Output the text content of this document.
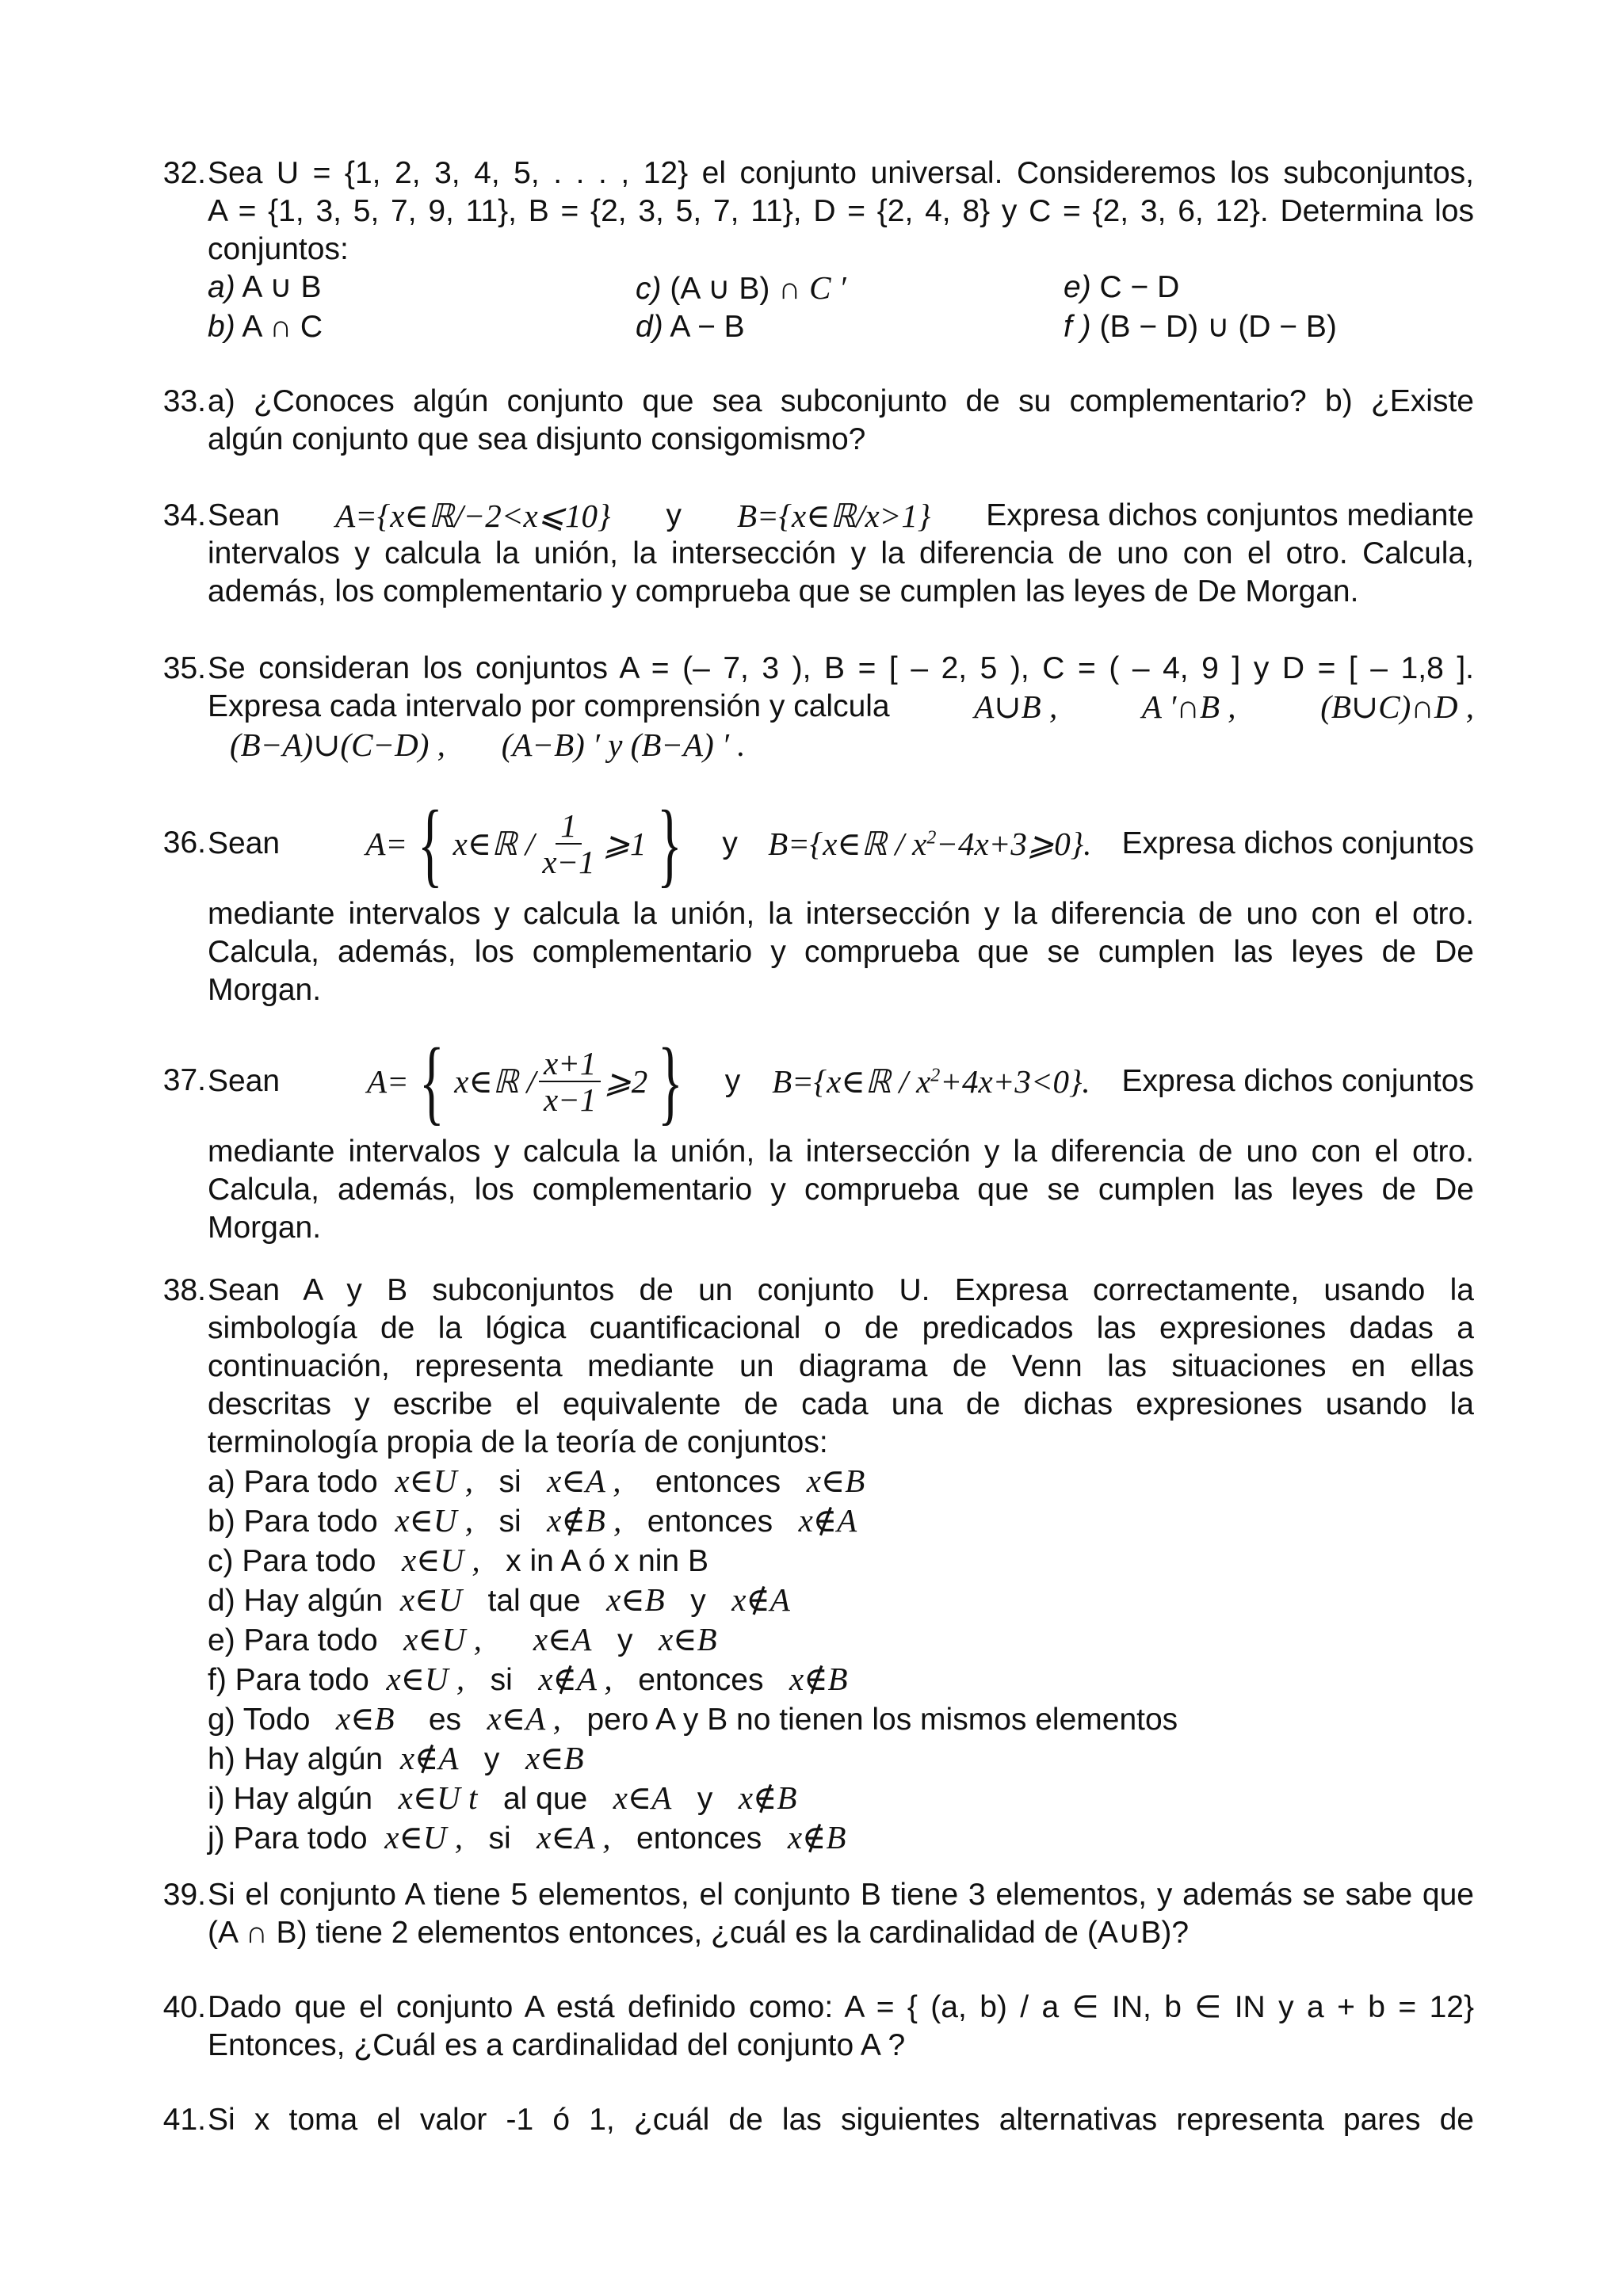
32. Sea U = {1, 2, 3, 4, 5, . . . , 12} el conjunto universal. Consideremos los subconjuntos,
A = {1, 3, 5, 7, 9, 11}, B = {2, 3, 5, 7, 11}, D = {2, 4, 8} y C = {2, 3, 6, 12}. Determina los
conjuntos:
a) A ∪ B	c) (A ∪ B) ∩ C ′	e) C − D
b) A ∩ C	d) A − B	f ) (B − D) ∪ (D − B)
33. a) ¿Conoces algún conjunto que sea subconjunto de su complementario? b) ¿Existe
algún conjunto que sea disjunto consigomismo?
34. Sean A={x∈ℝ/−2<x⩽10} y B={x∈ℝ/x>1} Expresa dichos conjuntos mediante
intervalos y calcula la unión, la intersección y la diferencia de uno con el otro. Calcula,
además, los complementario y comprueba que se cumplen las leyes de De Morgan.
35. Se consideran los conjuntos A = (– 7, 3 ), B = [ – 2, 5 ), C = ( – 4, 9 ] y D = [ – 1,8 ].
Expresa cada intervalo por comprensión y calcula	A∪B ,	A ′∩B ,	(B∪C)∩D ,
(B−A)∪(C−D) , (A−B) ′ y (B−A) ′ .
36. Sean	A= { x∈ℝ / $\frac{1}{x-1}$ ⩾1 } y B={x∈ℝ / $x^2-4x+3⩾0$}. Expresa dichos conjuntos
mediante intervalos y calcula la unión, la intersección y la diferencia de uno con el otro.
Calcula, además, los complementario y comprueba que se cumplen las leyes de De
Morgan.
37. Sean	A= { x∈ℝ / $\frac{x+1}{x-1}$ ⩾2 } y B={x∈ℝ / $x^2+4x+3<0$}. Expresa dichos conjuntos
mediante intervalos y calcula la unión, la intersección y la diferencia de uno con el otro.
Calcula, además, los complementario y comprueba que se cumplen las leyes de De
Morgan.
38. Sean A y B subconjuntos de un conjunto U. Expresa correctamente, usando la
simbología de la lógica cuantificacional o de predicados las expresiones dadas a
continuación, representa mediante un diagrama de Venn las situaciones en ellas
descritas y escribe el equivalente de cada una de dichas expresiones usando la
terminología propia de la teoría de conjuntos:
a) Para todo x∈U , si x∈A , entonces x∈B
b) Para todo x∈U , si x∉B , entonces x∉A
c) Para todo x∈U , x in A ó x nin B
d) Hay algún x∈U tal que x∈B y x∉A
e) Para todo x∈U , x∈A y x∈B
f) Para todo x∈U , si x∉A , entonces x∉B
g) Todo x∈B es x∈A , pero A y B no tienen los mismos elementos
h) Hay algún x∉A y x∈B
i) Hay algún x∈U t al que x∈A y x∉B
j) Para todo x∈U , si x∈A , entonces x∉B
39. Si el conjunto A tiene 5 elementos, el conjunto B tiene 3 elementos, y además se sabe que
(A ∩ B) tiene 2 elementos entonces, ¿cuál es la cardinalidad de (A∪B)?
40. Dado que el conjunto A está definido como: A = { (a, b) / a ∈ IN, b ∈ IN y a + b = 12}
Entonces, ¿Cuál es a cardinalidad del conjunto A ?
41. Si x toma el valor -1 ó 1, ¿cuál de las siguientes alternativas representa pares de
